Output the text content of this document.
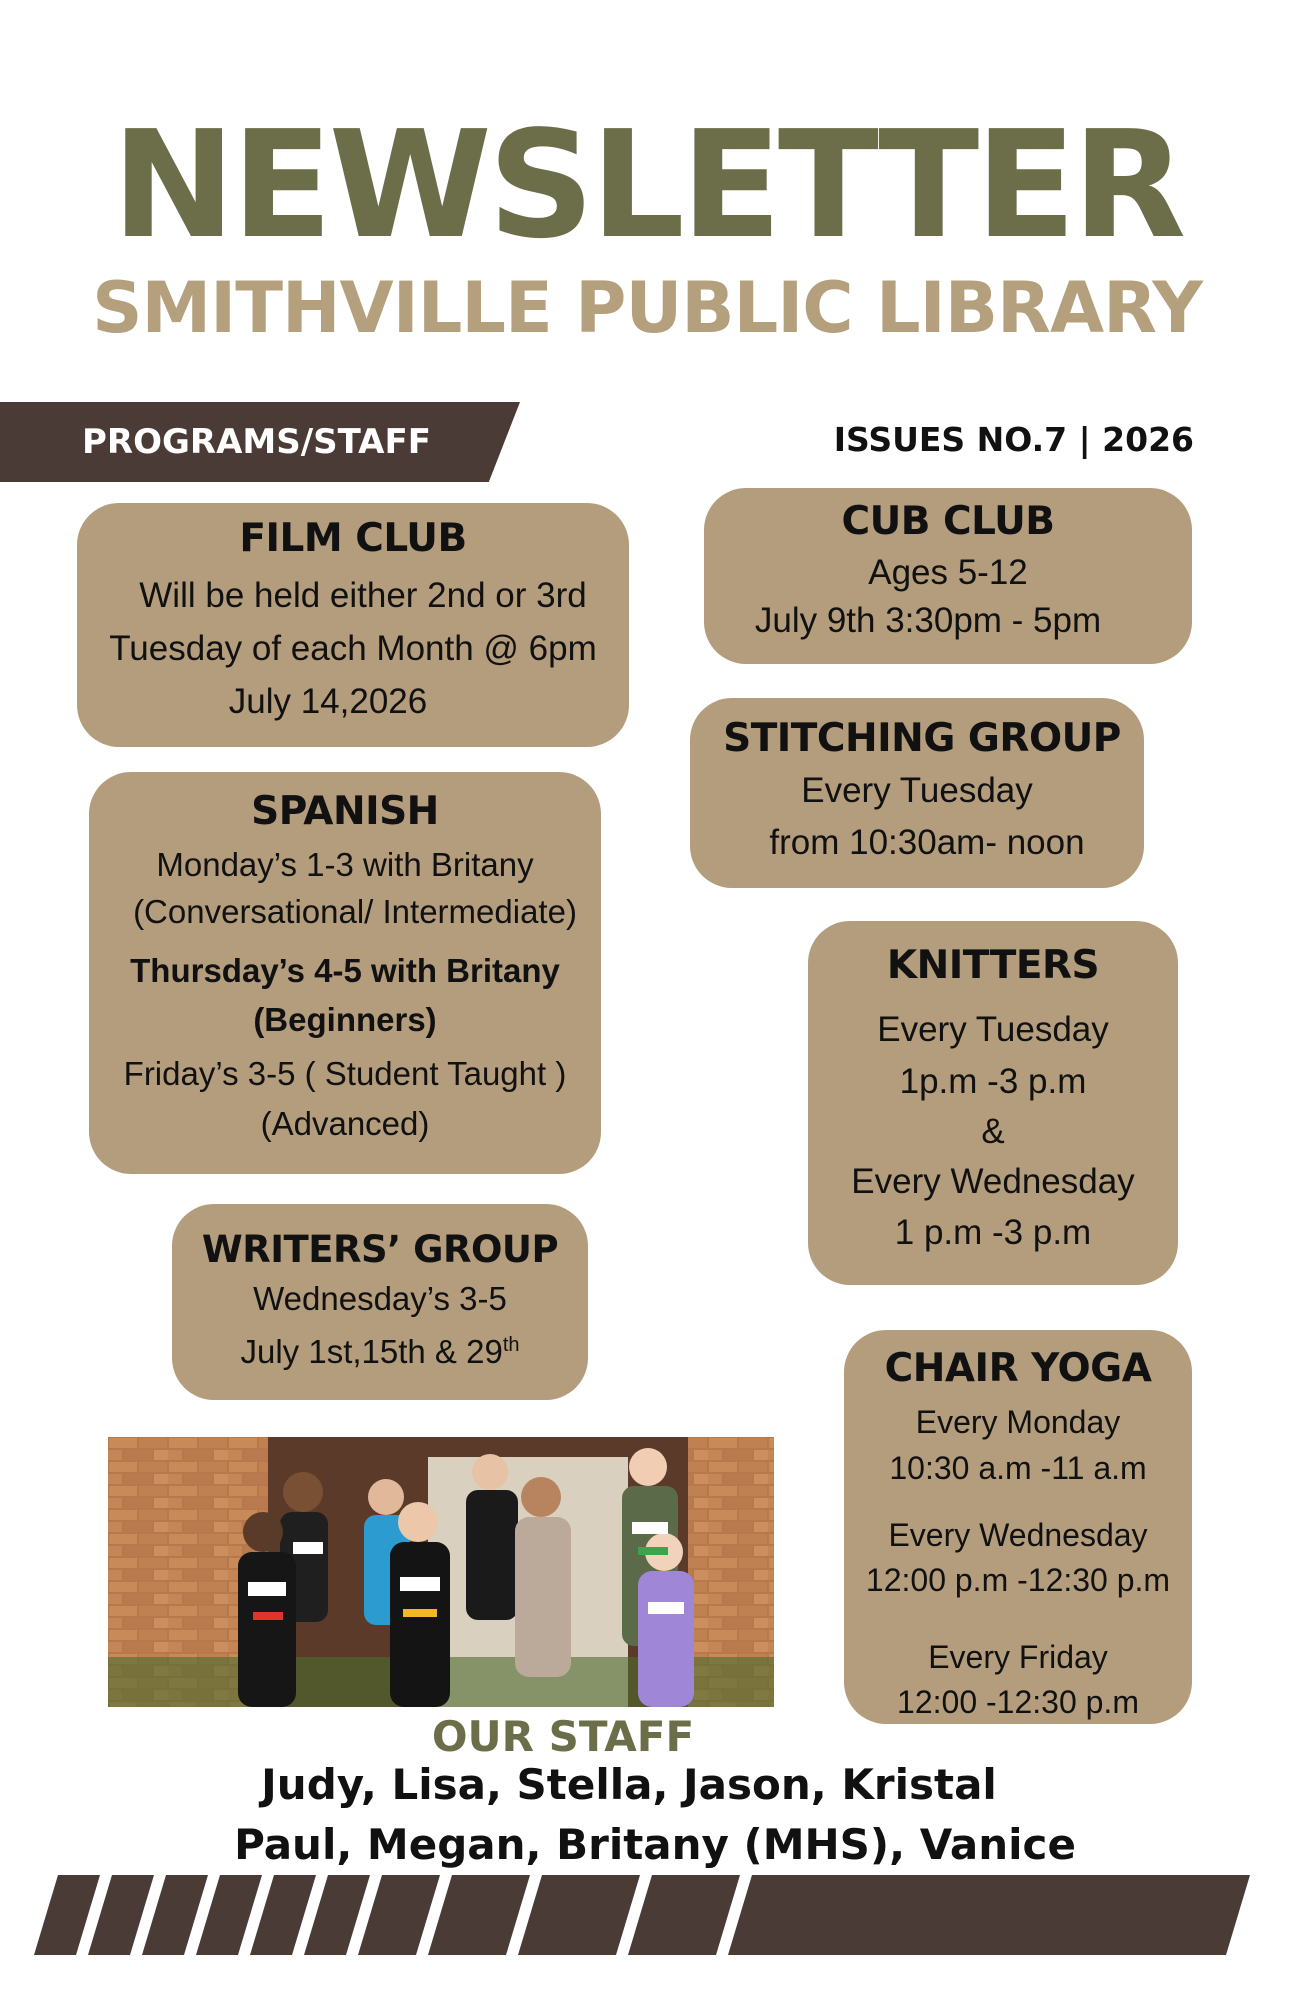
NEWSLETTER
SMITHVILLE PUBLIC LIBRARY
PROGRAMS/STAFF	ISSUES NO.7 | 2026
FILM CLUB

Will be held either 2nd or 3rd

Tuesday of each Month @ 6pm

July 14,2026

CUB CLUB

Ages 5-12

July 9th 3:30pm - 5pm

SPANISH

Monday’s 1-3 with Britany

(Conversational/ Intermediate)

Thursday’s 4-5 with Britany

(Beginners)

Friday’s 3-5 ( Student Taught )

(Advanced)

STITCHING GROUP

Every Tuesday

from 10:30am- noon

KNITTERS

Every Tuesday

1p.m -3 p.m

&

Every Wednesday

1 p.m -3 p.m

WRITERS’ GROUP

Wednesday’s 3-5

July 1st,15th & 29th

CHAIR YOGA

Every Monday

10:30 a.m -11 a.m

Every Wednesday

12:00 p.m -12:30 p.m

Every Friday

12:00 -12:30 p.m

OUR STAFF
Judy, Lisa, Stella, Jason, Kristal
Paul, Megan, Britany (MHS), Vanice
